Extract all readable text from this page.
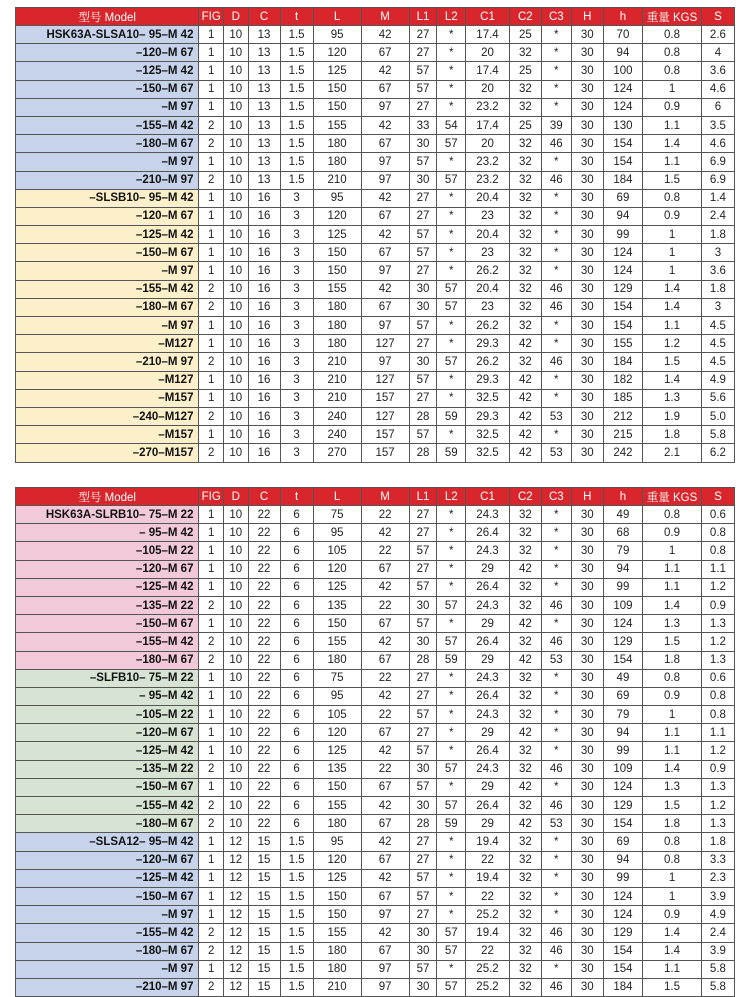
型号 Model	FIG	D	C	t	L	M	L1	L2	C1	C2	C3	H	h	重量 KGS	S
HSK63A-SLSA10– 95–M 42	1	10	13	1.5	95	42	27	*	17.4	25	*	30	70	0.8	2.6
–120–M 67	1	10	13	1.5	120	67	27	*	20	32	*	30	94	0.8	4
–125–M 42	1	10	13	1.5	125	42	57	*	17.4	25	*	30	100	0.8	3.6
–150–M 67	1	10	13	1.5	150	67	57	*	20	32	*	30	124	1	4.6
–M 97	1	10	13	1.5	150	97	27	*	23.2	32	*	30	124	0.9	6
–155–M 42	2	10	13	1.5	155	42	33	54	17.4	25	39	30	130	1.1	3.5
–180–M 67	2	10	13	1.5	180	67	30	57	20	32	46	30	154	1.4	4.6
–M 97	1	10	13	1.5	180	97	57	*	23.2	32	*	30	154	1.1	6.9
–210–M 97	2	10	13	1.5	210	97	30	57	23.2	32	46	30	184	1.5	6.9
–SLSB10– 95–M 42	1	10	16	3	95	42	27	*	20.4	32	*	30	69	0.8	1.4
–120–M 67	1	10	16	3	120	67	27	*	23	32	*	30	94	0.9	2.4
–125–M 42	1	10	16	3	125	42	57	*	20.4	32	*	30	99	1	1.8
–150–M 67	1	10	16	3	150	67	57	*	23	32	*	30	124	1	3
–M 97	1	10	16	3	150	97	27	*	26.2	32	*	30	124	1	3.6
–155–M 42	2	10	16	3	155	42	30	57	20.4	32	46	30	129	1.4	1.8
–180–M 67	2	10	16	3	180	67	30	57	23	32	46	30	154	1.4	3
–M 97	1	10	16	3	180	97	57	*	26.2	32	*	30	154	1.1	4.5
–M127	1	10	16	3	180	127	27	*	29.3	42	*	30	155	1.2	4.5
–210–M 97	2	10	16	3	210	97	30	57	26.2	32	46	30	184	1.5	4.5
–M127	1	10	16	3	210	127	57	*	29.3	42	*	30	182	1.4	4.9
–M157	1	10	16	3	210	157	27	*	32.5	42	*	30	185	1.3	5.6
–240–M127	2	10	16	3	240	127	28	59	29.3	42	53	30	212	1.9	5.0
–M157	1	10	16	3	240	157	57	*	32.5	42	*	30	215	1.8	5.8
–270–M157	2	10	16	3	270	157	28	59	32.5	42	53	30	242	2.1	6.2
型号 Model	FIG	D	C	t	L	M	L1	L2	C1	C2	C3	H	h	重量 KGS	S
HSK63A-SLRB10– 75–M 22	1	10	22	6	75	22	27	*	24.3	32	*	30	49	0.8	0.6
– 95–M 42	1	10	22	6	95	42	27	*	26.4	32	*	30	68	0.9	0.8
–105–M 22	1	10	22	6	105	22	57	*	24.3	32	*	30	79	1	0.8
–120–M 67	1	10	22	6	120	67	27	*	29	42	*	30	94	1.1	1.1
–125–M 42	1	10	22	6	125	42	57	*	26.4	32	*	30	99	1.1	1.2
–135–M 22	2	10	22	6	135	22	30	57	24.3	32	46	30	109	1.4	0.9
–150–M 67	1	10	22	6	150	67	57	*	29	42	*	30	124	1.3	1.3
–155–M 42	2	10	22	6	155	42	30	57	26.4	32	46	30	129	1.5	1.2
–180–M 67	2	10	22	6	180	67	28	59	29	42	53	30	154	1.8	1.3
–SLFB10– 75–M 22	1	10	22	6	75	22	27	*	24.3	32	*	30	49	0.8	0.6
– 95–M 42	1	10	22	6	95	42	27	*	26.4	32	*	30	69	0.9	0.8
–105–M 22	1	10	22	6	105	22	57	*	24.3	32	*	30	79	1	0.8
–120–M 67	1	10	22	6	120	67	27	*	29	42	*	30	94	1.1	1.1
–125–M 42	1	10	22	6	125	42	57	*	26.4	32	*	30	99	1.1	1.2
–135–M 22	2	10	22	6	135	22	30	57	24.3	32	46	30	109	1.4	0.9
–150–M 67	1	10	22	6	150	67	57	*	29	42	*	30	124	1.3	1.3
–155–M 42	2	10	22	6	155	42	30	57	26.4	32	46	30	129	1.5	1.2
–180–M 67	2	10	22	6	180	67	28	59	29	42	53	30	154	1.8	1.3
–SLSA12– 95–M 42	1	12	15	1.5	95	42	27	*	19.4	32	*	30	69	0.8	1.8
–120–M 67	1	12	15	1.5	120	67	27	*	22	32	*	30	94	0.8	3.3
–125–M 42	1	12	15	1.5	125	42	57	*	19.4	32	*	30	99	1	2.3
–150–M 67	1	12	15	1.5	150	67	57	*	22	32	*	30	124	1	3.9
–M 97	1	12	15	1.5	150	97	27	*	25.2	32	*	30	124	0.9	4.9
–155–M 42	2	12	15	1.5	155	42	30	57	19.4	32	46	30	129	1.4	2.4
–180–M 67	2	12	15	1.5	180	67	30	57	22	32	46	30	154	1.4	3.9
–M 97	1	12	15	1.5	180	97	57	*	25.2	32	*	30	154	1.1	5.8
–210–M 97	2	12	15	1.5	210	97	30	57	25.2	32	46	30	184	1.5	5.8
